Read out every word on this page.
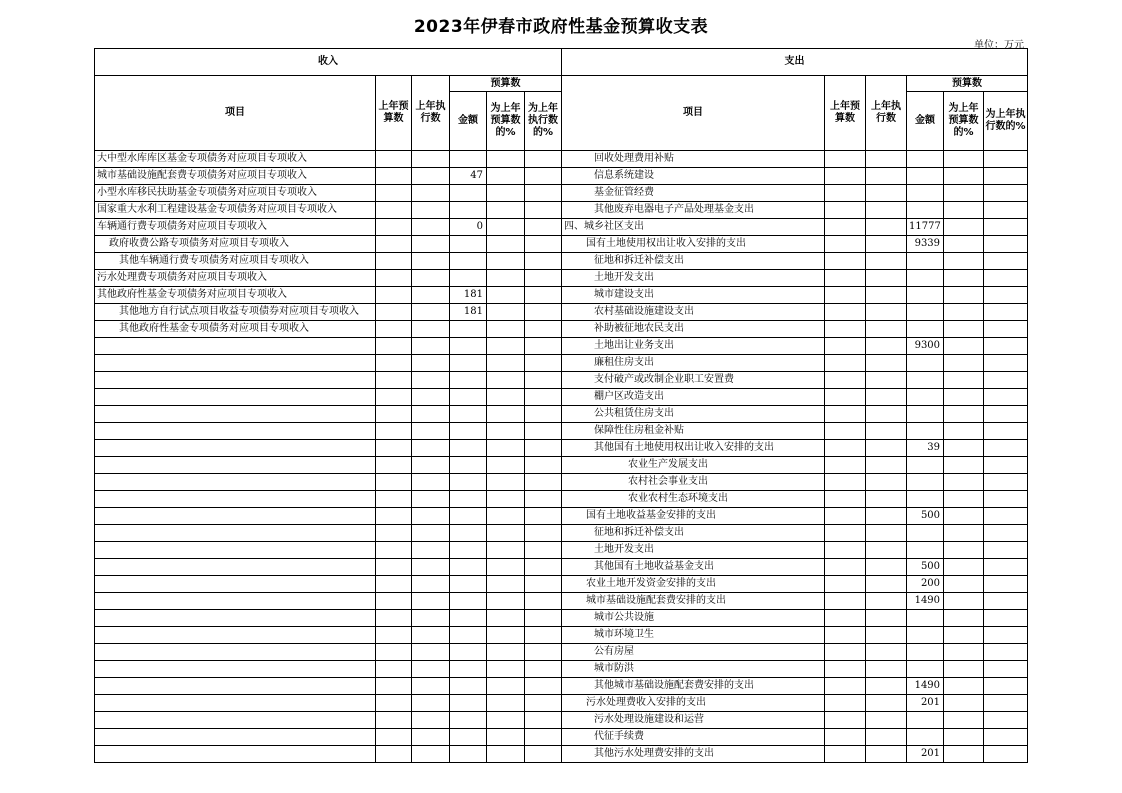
2023年伊春市政府性基金预算收支表
单位：万元
收入						支出					
项目	上年预算数	上年执行数	预算数			项目	上年预算数	上年执行数	预算数		
			金额	为上年预算数的%	为上年执行数的%				金额	为上年预算数的%	为上年执行数的%
大中型水库库区基金专项债务对应项目专项收入						回收处理费用补贴					
城市基础设施配套费专项债务对应项目专项收入			47			信息系统建设					
小型水库移民扶助基金专项债务对应项目专项收入						基金征管经费					
国家重大水利工程建设基金专项债务对应项目专项收入						其他废弃电器电子产品处理基金支出					
车辆通行费专项债务对应项目专项收入			0			四、城乡社区支出			11777		
政府收费公路专项债务对应项目专项收入						国有土地使用权出让收入安排的支出			9339		
其他车辆通行费专项债务对应项目专项收入						征地和拆迁补偿支出					
污水处理费专项债务对应项目专项收入						土地开发支出					
其他政府性基金专项债务对应项目专项收入			181			城市建设支出					
其他地方自行试点项目收益专项债券对应项目专项收入			181			农村基础设施建设支出					
其他政府性基金专项债务对应项目专项收入						补助被征地农民支出					
						土地出让业务支出			9300		
						廉租住房支出					
						支付破产或改制企业职工安置费					
						棚户区改造支出					
						公共租赁住房支出					
						保障性住房租金补贴					
						其他国有土地使用权出让收入安排的支出			39		
						农业生产发展支出					
						农村社会事业支出					
						农业农村生态环境支出					
						国有土地收益基金安排的支出			500		
						征地和拆迁补偿支出					
						土地开发支出					
						其他国有土地收益基金支出			500		
						农业土地开发资金安排的支出			200		
						城市基础设施配套费安排的支出			1490		
						城市公共设施					
						城市环境卫生					
						公有房屋					
						城市防洪					
						其他城市基础设施配套费安排的支出			1490		
						污水处理费收入安排的支出			201		
						污水处理设施建设和运营					
						代征手续费					
						其他污水处理费安排的支出			201		
